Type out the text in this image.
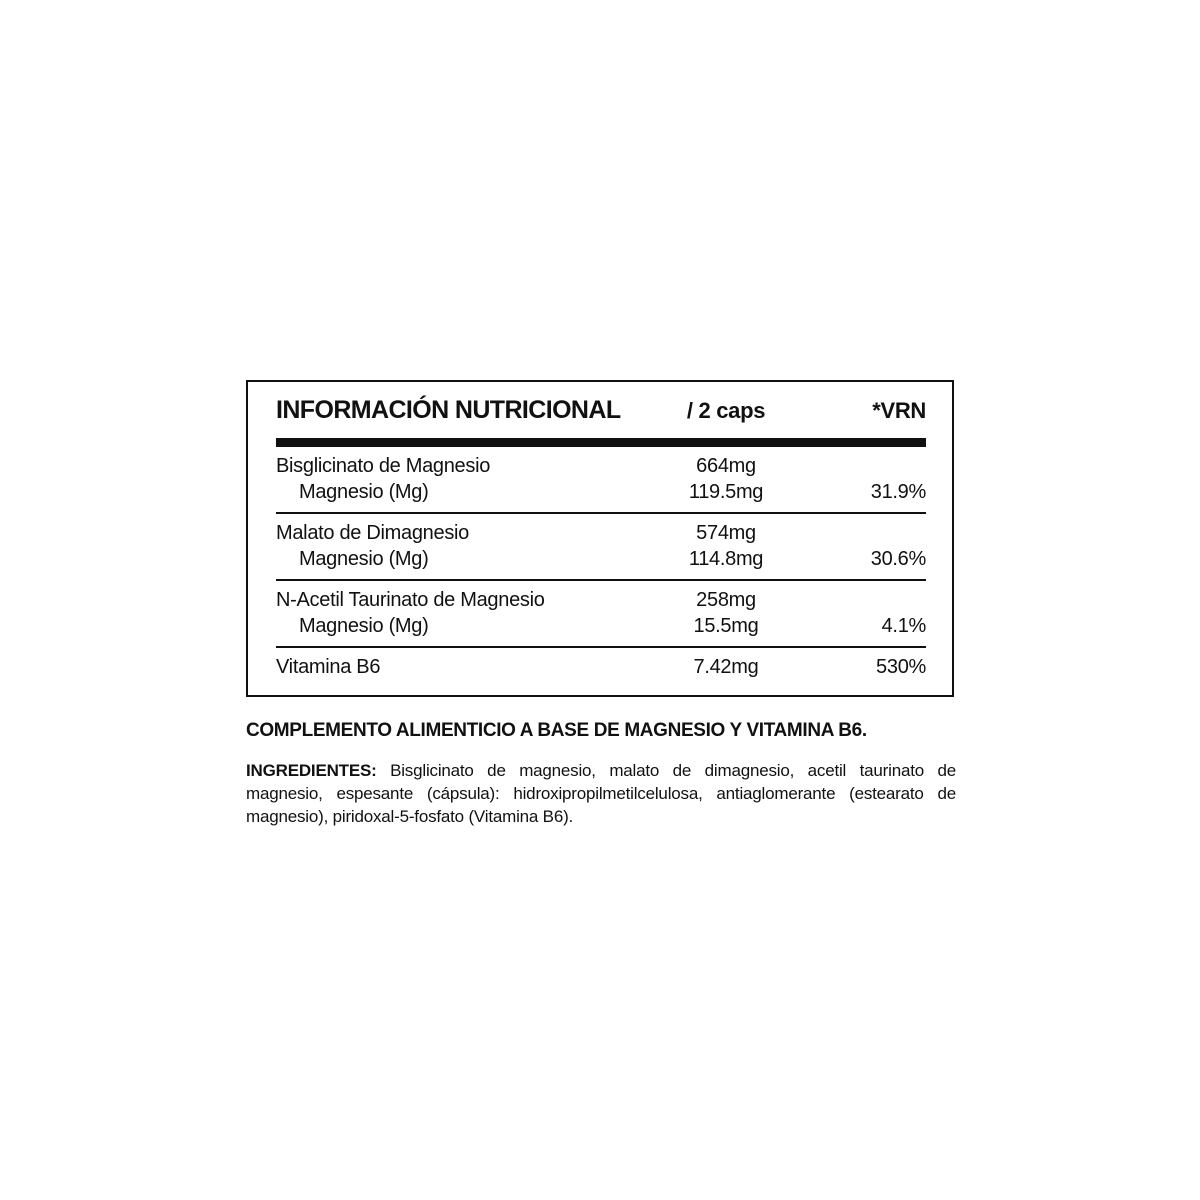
INFORMACIÓN NUTRICIONAL	/ 2 caps	*VRN
Bisglicinato de Magnesio	664mg
Magnesio (Mg)	119.5mg	31.9%
Malato de Dimagnesio	574mg
Magnesio (Mg)	114.8mg	30.6%
N-Acetil Taurinato de Magnesio	258mg
Magnesio (Mg)	15.5mg	4.1%
Vitamina B6	7.42mg	530%

COMPLEMENTO ALIMENTICIO A BASE DE MAGNESIO Y VITAMINA B6.

INGREDIENTES: Bisglicinato de magnesio, malato de dimagnesio, acetil taurinato de magnesio, espesante (cápsula): hidroxipropilmetilcelulosa, antiaglomerante (estearato de magnesio), piridoxal-5-fosfato (Vitamina B6).
